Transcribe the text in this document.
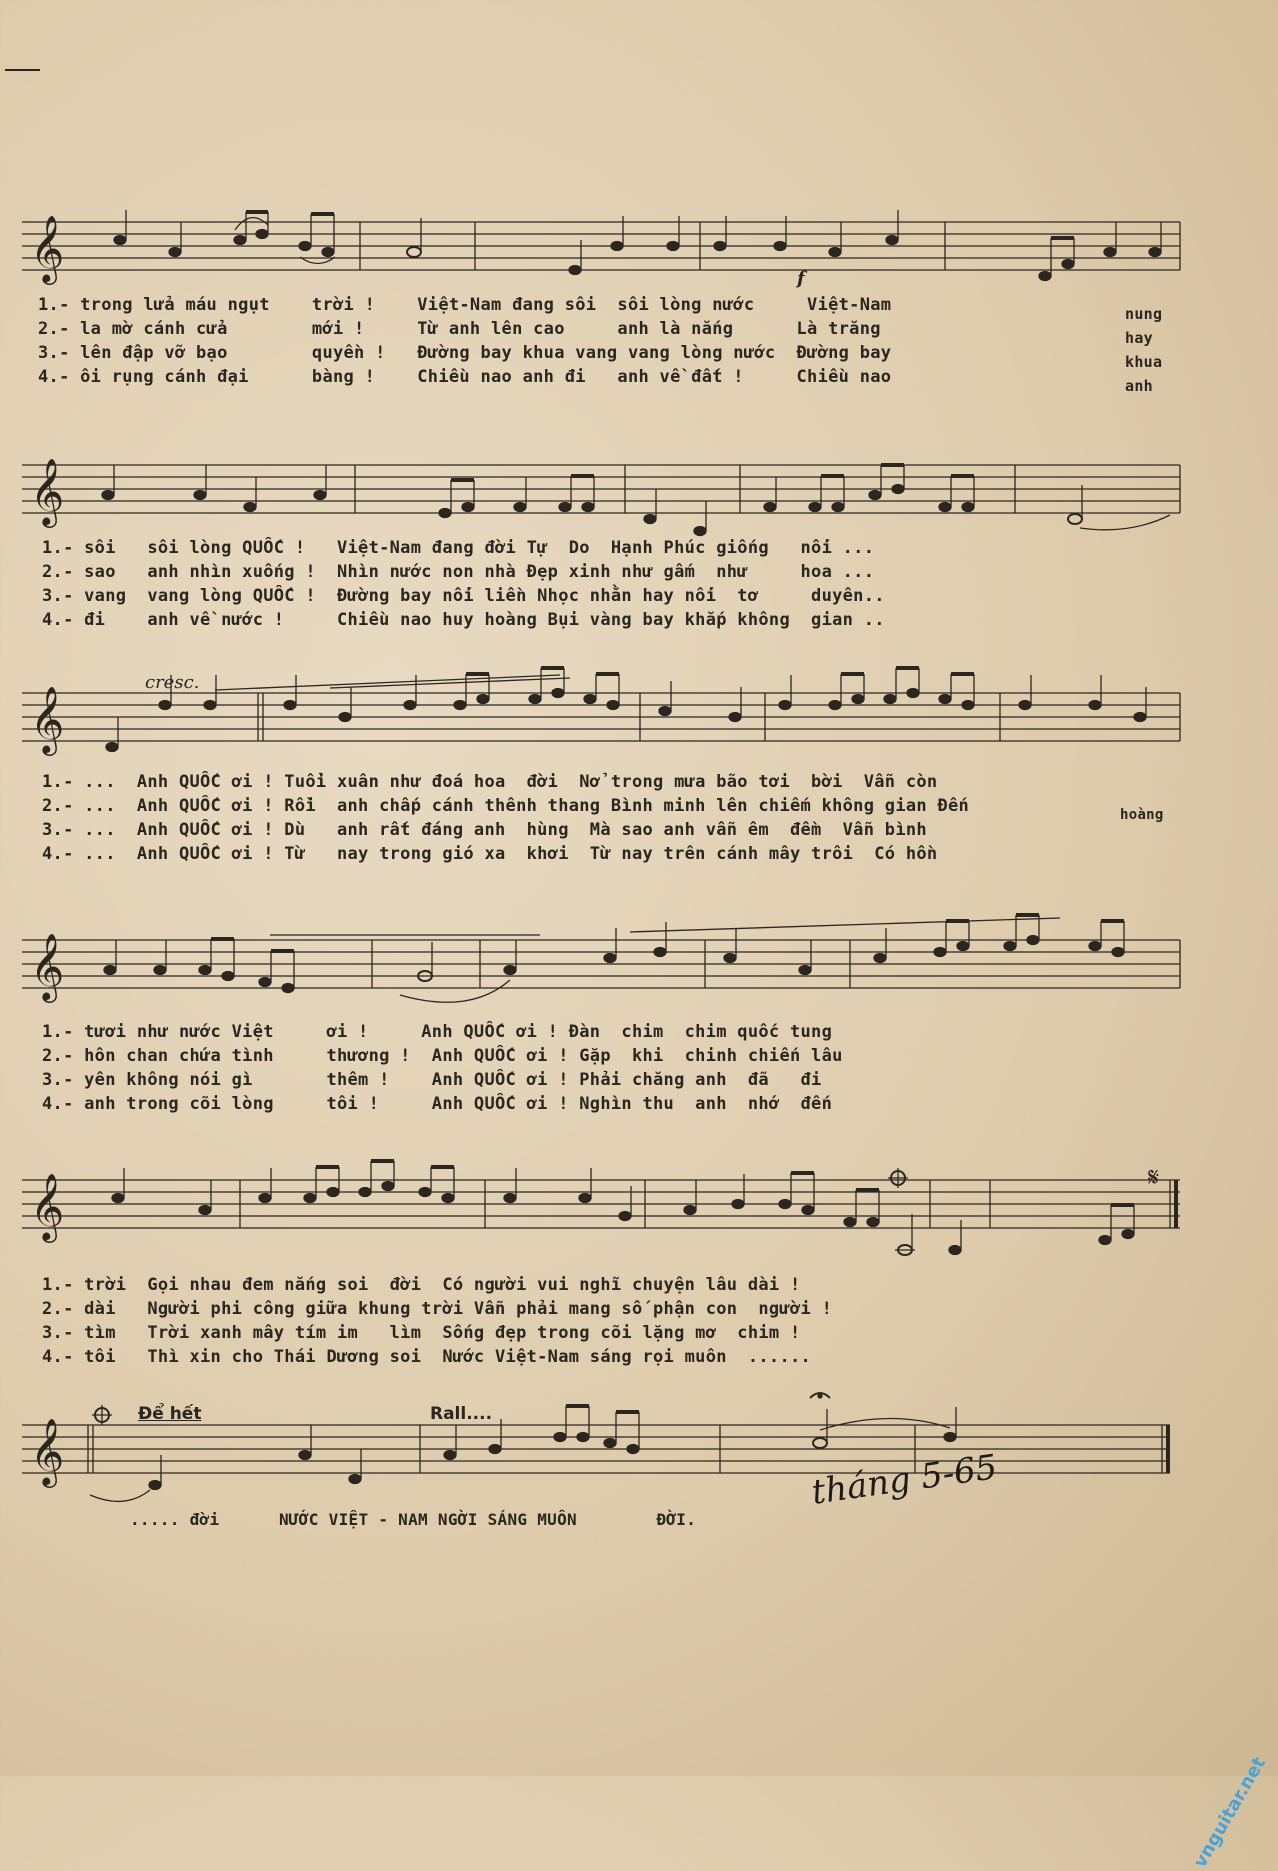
𝄞
𝄞
𝄞
𝄞
𝄞	𝄋
𝄞

1.- trong lửa máu ngụt    trời !    Việt-Nam đang sôi  sôi lòng nước     Việt-Nam

2.- la mờ cánh cửa        mới !     Từ anh lên cao     anh là nắng      Là trăng

3.- lên đập vỡ bạo        quyền !   Đường bay khua vang vang lòng nước  Đường bay

4.- ôi rụng cánh đại      bàng !    Chiều nao anh đi   anh về đất !     Chiều nao

nung

hay

khua

anh

1.- sôi   sôi lòng QUỐC !   Việt-Nam đang đời Tự  Do  Hạnh Phúc giống   nối ...

2.- sao   anh nhìn xuống !  Nhìn nước non nhà Đẹp xinh như gấm  như     hoa ...

3.- vang  vang lòng QUỐC !  Đường bay nối liền Nhọc nhằn hay nối  tơ     duyên..

4.- đi    anh về nước !     Chiều nao huy hoàng Bụi vàng bay khắp không  gian ..

cresc.

1.- ...  Anh QUỐC ơi ! Tuổi xuân như đoá hoa  đời  Nở trong mưa bão tơi  bời  Vẫn còn

2.- ...  Anh QUỐC ơi ! Rồi  anh chấp cánh thênh thang Bình minh lên chiếm không gian Đến

3.- ...  Anh QUỐC ơi ! Dù   anh rất đáng anh  hùng  Mà sao anh vẫn êm  đềm  Vẫn bình

4.- ...  Anh QUỐC ơi ! Từ   nay trong gió xa  khơi  Từ nay trên cánh mây trôi  Có hồn

hoàng

1.- tươi như nước Việt     ơi !     Anh QUỐC ơi ! Đàn  chim  chim quốc tung

2.- hôn chan chứa tình     thương !  Anh QUỐC ơi ! Gặp  khi  chinh chiến lâu

3.- yên không nói gì       thêm !    Anh QUỐC ơi ! Phải chăng anh  đã   đi

4.- anh trong cõi lòng     tôi !     Anh QUỐC ơi ! Nghìn thu  anh  nhớ  đến

1.- trời  Gọi nhau đem nắng soi  đời  Có người vui nghĩ chuyện lâu dài !

2.- dài   Người phi công giữa khung trời Vẫn phải mang số phận con  người !

3.- tìm   Trời xanh mây tím im   lìm  Sống đẹp trong cõi lặng mơ  chim !

4.- tôi   Thì xin cho Thái Dương soi  Nước Việt-Nam sáng rọi muôn  ......

Để hết	Rall....

..... đời      NƯỚC VIỆT - NAM NGỜI SÁNG MUÔN        ĐỜI.

f
tháng 5-65
vnguitar.net
